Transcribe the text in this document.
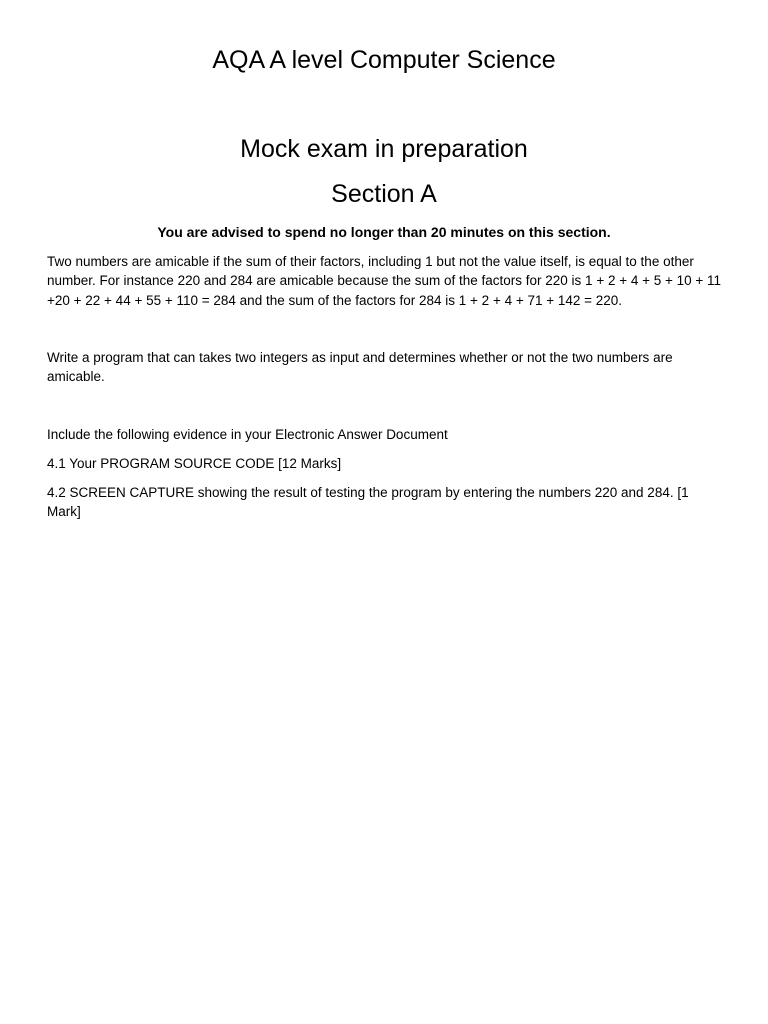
AQA A level Computer Science
Mock exam in preparation
Section A
You are advised to spend no longer than 20 minutes on this section.
Two numbers are amicable if the sum of their factors, including 1 but not the value itself, is equal to the other number. For instance 220 and 284 are amicable because the sum of the factors for 220 is 1 + 2 + 4 + 5 + 10 + 11 +20 + 22 + 44 + 55 + 110 = 284 and the sum of the factors for 284 is 1 + 2 + 4 + 71 + 142 = 220.
Write a program that can takes two integers as input and determines whether or not the two numbers are amicable.
Include the following evidence in your Electronic Answer Document
4.1 Your PROGRAM SOURCE CODE [12 Marks]
4.2 SCREEN CAPTURE showing the result of testing the program by entering the numbers 220 and 284. [1 Mark]
